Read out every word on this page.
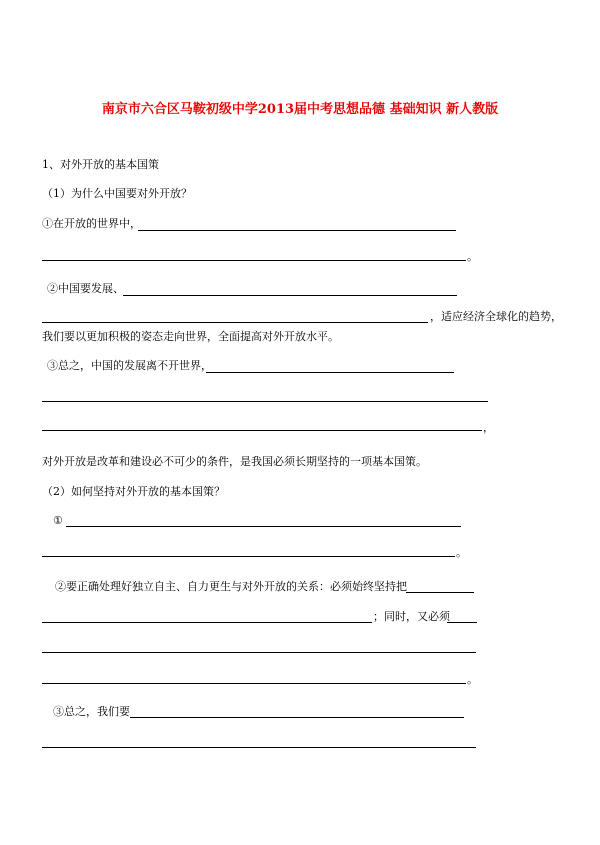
南京市六合区马鞍初级中学2013届中考思想品德 基础知识 新人教版
1、对外开放的基本国策
（1）为什么中国要对外开放？
①在开放的世界中，
。
②中国要发展、
，适应经济全球化的趋势，
我们要以更加积极的姿态走向世界，全面提高对外开放水平。
③总之，中国的发展离不开世界，
，
对外开放是改革和建设必不可少的条件，是我国必须长期坚持的一项基本国策。
（2）如何坚持对外开放的基本国策？
①
。
②要正确处理好独立自主、自力更生与对外开放的关系：必须始终坚持把
；同时，又必须
。
③总之，我们要
